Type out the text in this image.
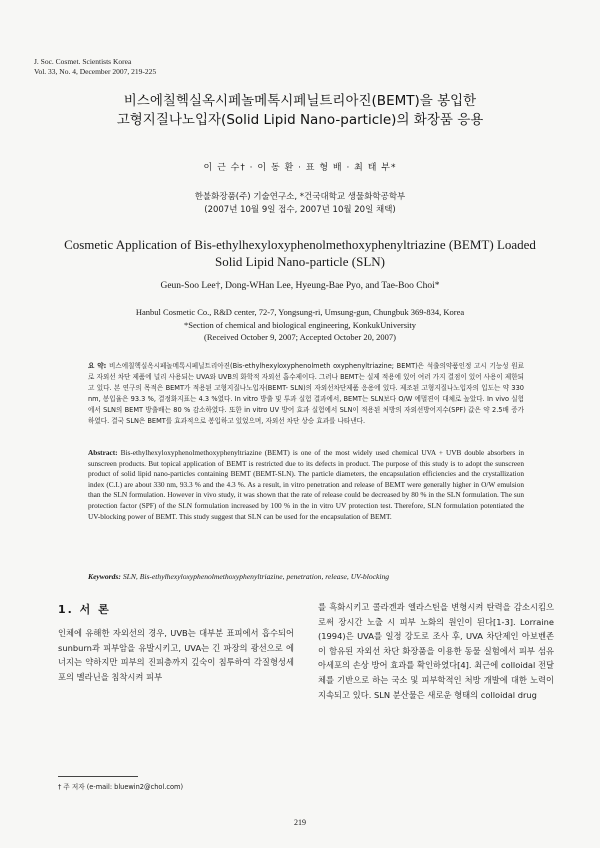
J. Soc. Cosmet. Scientists Korea
Vol. 33, No. 4, December 2007, 219-225
비스에칠헥실옥시페놀메톡시페닐트리아진(BEMT)을 봉입한
고형지질나노입자(Solid Lipid Nano-particle)의 화장품 응용
이 근 수† · 이 동 환 · 표 형 배 · 최 태 부*
한불화장품(주) 기술연구소, *건국대학교 생물화학공학부
(2007년 10월 9일 접수, 2007년 10월 20일 채택)
Cosmetic Application of Bis-ethylhexyloxyphenolmethoxyphenyltriazine (BEMT) Loaded
Solid Lipid Nano-particle (SLN)
Geun-Soo Lee†, Dong-WHan Lee, Hyeung-Bae Pyo, and Tae-Boo Choi*
Hanbul Cosmetic Co., R&D center, 72-7, Yongsung-ri, Umsung-gun, Chungbuk 369-834, Korea
*Section of chemical and biological engineering, KonkukUniversity
(Received October 9, 2007; Accepted October 20, 2007)
요 약: 비스에칠헥실옥시페놀메톡시페닐트리아진(Bis-ethylhexyloxyphenolmeth oxyphenyltriazine; BEMT)은 석출의약품인정 고시 기능성 원료로 자외선 차단 제품에 널리 사용되는 UVA와 UVB의 화학적 자외선 흡수제이다. 그러나 BEMT는 실제 적용에 있어 여러 가지 결점이 있어 사용이 제한되고 있다. 본 연구의 목적은 BEMT가 적용된 고형지질나노입자(BEMT- SLN)의 자외선차단제품 응용에 있다. 제조된 고형지질나노입자의 입도는 약 330 nm, 봉입율은 93.3 %, 결정화지표는 4.3 %였다. In vitro 방출 및 투과 실험 결과에서, BEMT는 SLN보다 O/W 에멀젼이 대체로 높았다. In vivo 실험에서 SLN의 BEMT 방출배는 80 % 감소하였다. 또한 in vitro UV 방어 효과 실험에서 SLN이 적용된 처방의 자외선방어지수(SPF) 값은 약 2.5배 증가하였다. 결국 SLN은 BEMT를 효과적으로 봉입하고 있었으며, 자외선 차단 상승 효과를 나타낸다.
Abstract: Bis-ethylhexyloxyphenolmethoxyphenyltriazine (BEMT) is one of the most widely used chemical UVA + UVB double absorbers in sunscreen products. But topical application of BEMT is restricted due to its defects in product. The purpose of this study is to adopt the sunscreen product of solid lipid nano-particles containing BEMT (BEMT-SLN). The particle diameters, the encapsulation efficiencies and the crystallization index (C.I.) are about 330 nm, 93.3 % and the 4.3 %. As a result, in vitro penetration and release of BEMT were generally higher in O/W emulsion than the SLN formulation. However in vivo study, it was shown that the rate of release could be decreased by 80 % in the SLN formulation. The sun protection factor (SPF) of the SLN formulation increased by 100 % in the in vitro UV protection test. Therefore, SLN formulation potentiated the UV-blocking power of BEMT. This study suggest that SLN can be used for the encapsulation of BEMT.
Keywords: SLN, Bis-ethylhexyloxyphenolmethoxyphenyltriazine, penetration, release, UV-blocking
1. 서 론
인체에 유해한 자외선의 경우, UVB는 대부분 표피에서 흡수되어 sunburn과 피부암을 유발시키고, UVA는 긴 파장의 광선으로 에너지는 약하지만 피부의 진피층까지 깊숙이 침투하여 각질형성세포의 멜라닌을 침착시켜 피부
를 흑화시키고 콜라겐과 엘라스틴을 변형시켜 탄력을 감소시킴으로써 장시간 노출 시 피부 노화의 원인이 된다[1-3]. Lorraine (1994)은 UVA를 일정 강도로 조사 후, UVA 차단제인 아보벤존이 함유된 자외선 차단 화장품을 이용한 동물 실험에서 피부 섬유아세포의 손상 방어 효과를 확인하였다[4]. 최근에 colloidal 전달체를 기반으로 하는 국소 및 피부학적인 처방 개발에 대한 노력이 지속되고 있다. SLN 분산물은 새로운 형태의 colloidal drug
† 주 저자 (e-mail: bluewin2@chol.com)
219
